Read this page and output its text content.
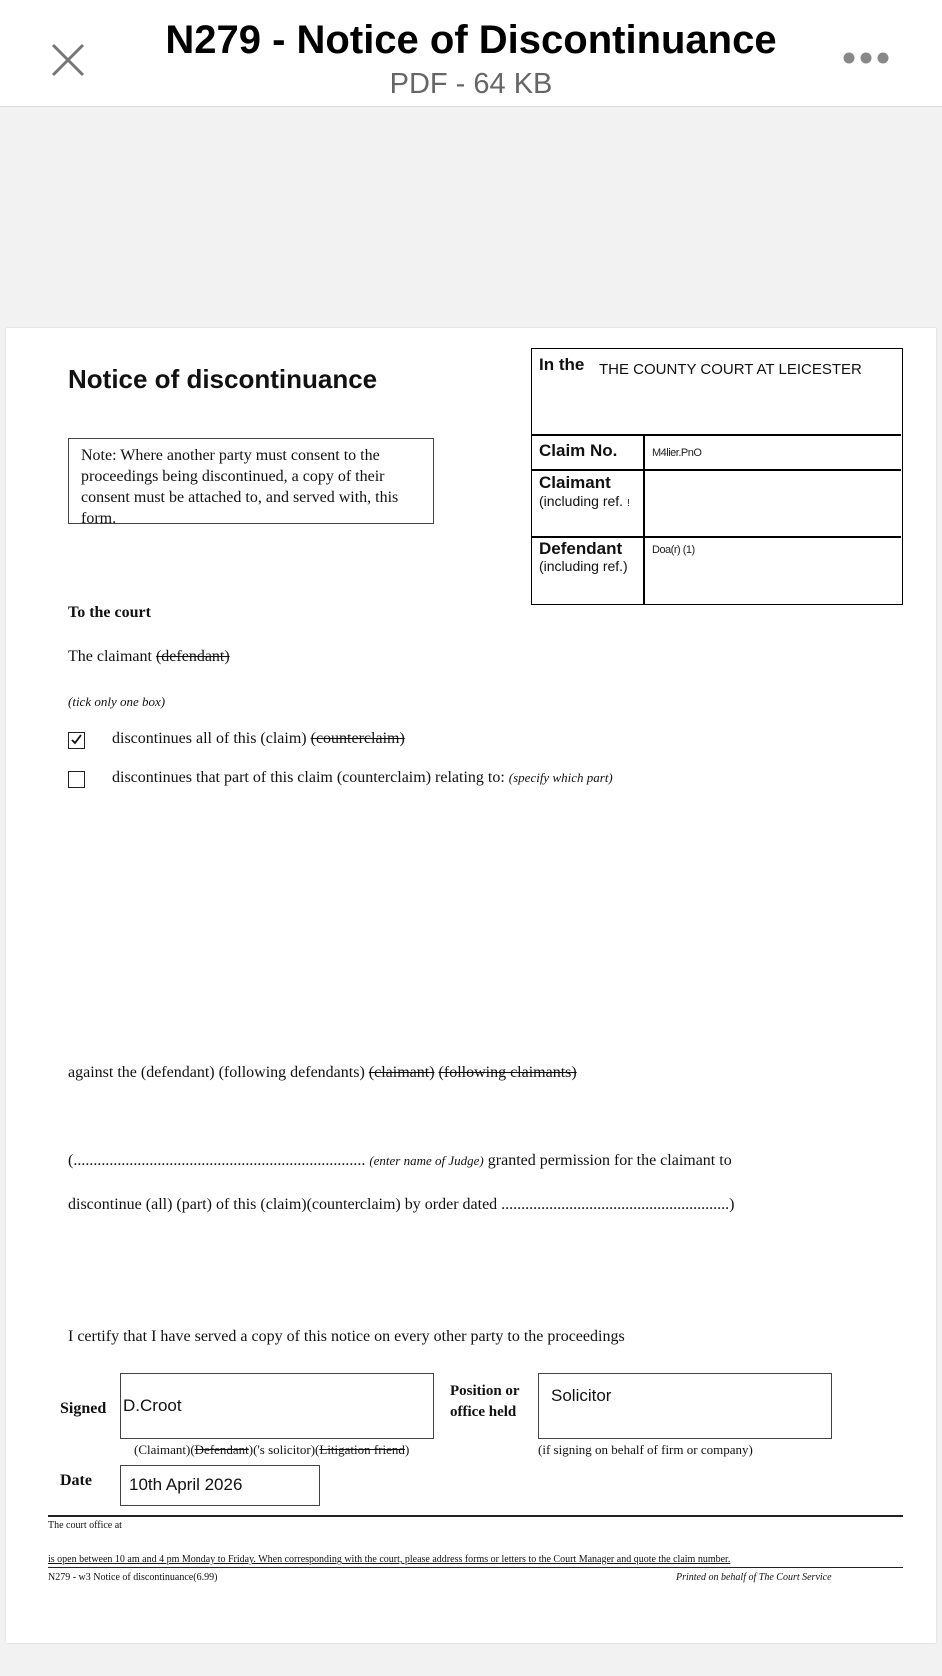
N279 - Notice of Discontinuance
PDF - 64 KB
Notice of discontinuance
Note: Where another party must consent to the proceedings being discontinued, a copy of their consent must be attached to, and served with, this form.
In the THE COUNTY COURT AT LEICESTER
Claim No.	M4lier.PnO
Claimant
(including ref. !
Defendant
(including ref.)
Doa(r) (1)
To the court
The claimant (defendant)
(tick only one box)
discontinues all of this (claim) (counterclaim)
discontinues that part of this claim (counterclaim) relating to: (specify which part)
against the (defendant) (following defendants) (claimant) (following claimants)
(......................................................................... (enter name of Judge) granted permission for the claimant to
discontinue (all) (part) of this (claim)(counterclaim) by order dated .........................................................)
I certify that I have served a copy of this notice on every other party to the proceedings
Signed D.Croot
(Claimant)(Defendant)('s solicitor)(Litigation friend)
Position or
office held
Solicitor
(if signing on behalf of firm or company)
Date 10th April 2026
The court office at
is open between 10 am and 4 pm Monday to Friday. When corresponding with the court, please address forms or letters to the Court Manager and quote the claim number.
N279 - w3 Notice of discontinuance(6.99)	Printed on behalf of The Court Service
